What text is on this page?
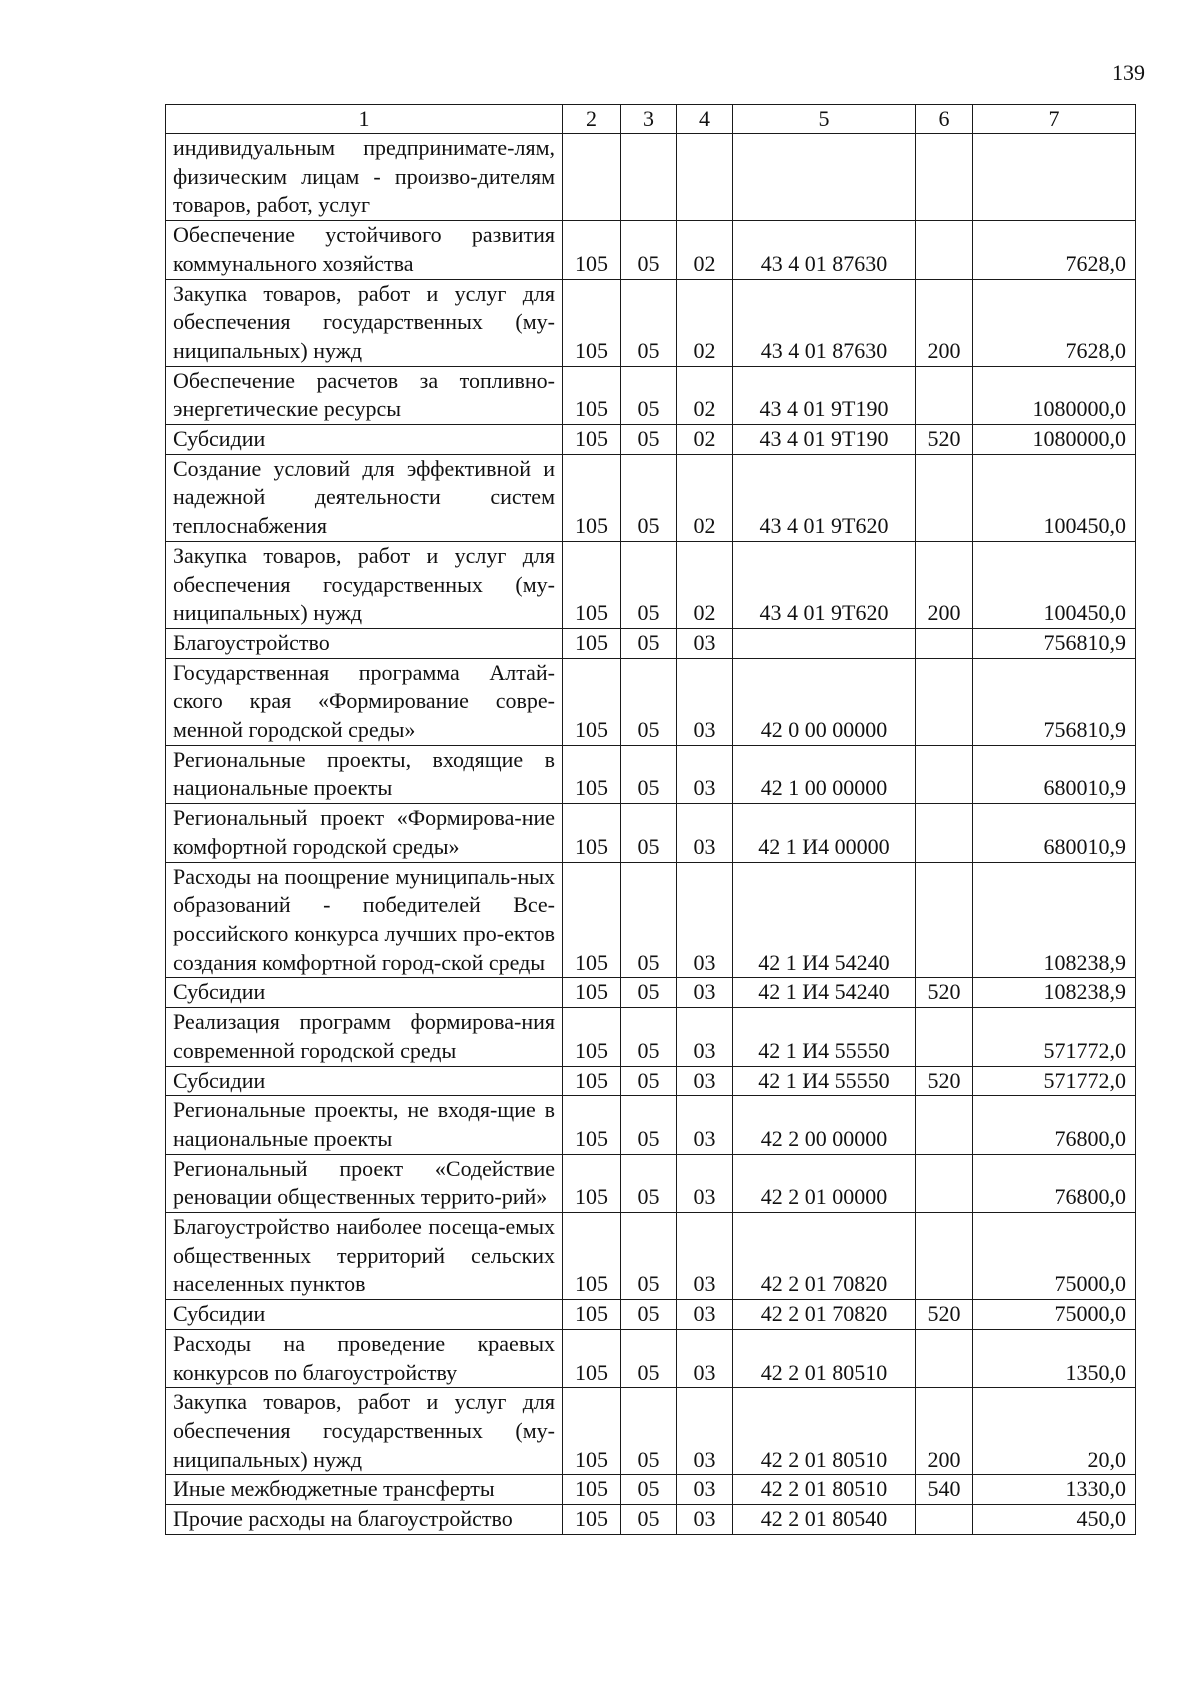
139
1	2	3	4	5	6	7
индивидуальным предпринимате-лям, физическим лицам - произво-дителям товаров, работ, услуг						
Обеспечение устойчивого развития коммунального хозяйства	105	05	02	43 4 01 87630		7628,0
Закупка товаров, работ и услуг для обеспечения государственных (му-ниципальных) нужд	105	05	02	43 4 01 87630	200	7628,0
Обеспечение расчетов за топливно-энергетические ресурсы	105	05	02	43 4 01 9Т190		1080000,0
Субсидии	105	05	02	43 4 01 9Т190	520	1080000,0
Создание условий для эффективной и надежной деятельности систем теплоснабжения	105	05	02	43 4 01 9Т620		100450,0
Закупка товаров, работ и услуг для обеспечения государственных (му-ниципальных) нужд	105	05	02	43 4 01 9Т620	200	100450,0
Благоустройство	105	05	03			756810,9
Государственная программа Алтай-ского края «Формирование совре-менной городской среды»	105	05	03	42 0 00 00000		756810,9
Региональные проекты, входящие в национальные проекты	105	05	03	42 1 00 00000		680010,9
Региональный проект «Формирова-ние комфортной городской среды»	105	05	03	42 1 И4 00000		680010,9
Расходы на поощрение муниципаль-ных образований - победителей Все-российского конкурса лучших про-ектов создания комфортной город-ской среды	105	05	03	42 1 И4 54240		108238,9
Субсидии	105	05	03	42 1 И4 54240	520	108238,9
Реализация программ формирова-ния современной городской среды	105	05	03	42 1 И4 55550		571772,0
Субсидии	105	05	03	42 1 И4 55550	520	571772,0
Региональные проекты, не входя-щие в национальные проекты	105	05	03	42 2 00 00000		76800,0
Региональный проект «Содействие реновации общественных террито-рий»	105	05	03	42 2 01 00000		76800,0
Благоустройство наиболее посеща-емых общественных территорий сельских населенных пунктов	105	05	03	42 2 01 70820		75000,0
Субсидии	105	05	03	42 2 01 70820	520	75000,0
Расходы на проведение краевых конкурсов по благоустройству	105	05	03	42 2 01 80510		1350,0
Закупка товаров, работ и услуг для обеспечения государственных (му-ниципальных) нужд	105	05	03	42 2 01 80510	200	20,0
Иные межбюджетные трансферты	105	05	03	42 2 01 80510	540	1330,0
Прочие расходы на благоустройство	105	05	03	42 2 01 80540		450,0
